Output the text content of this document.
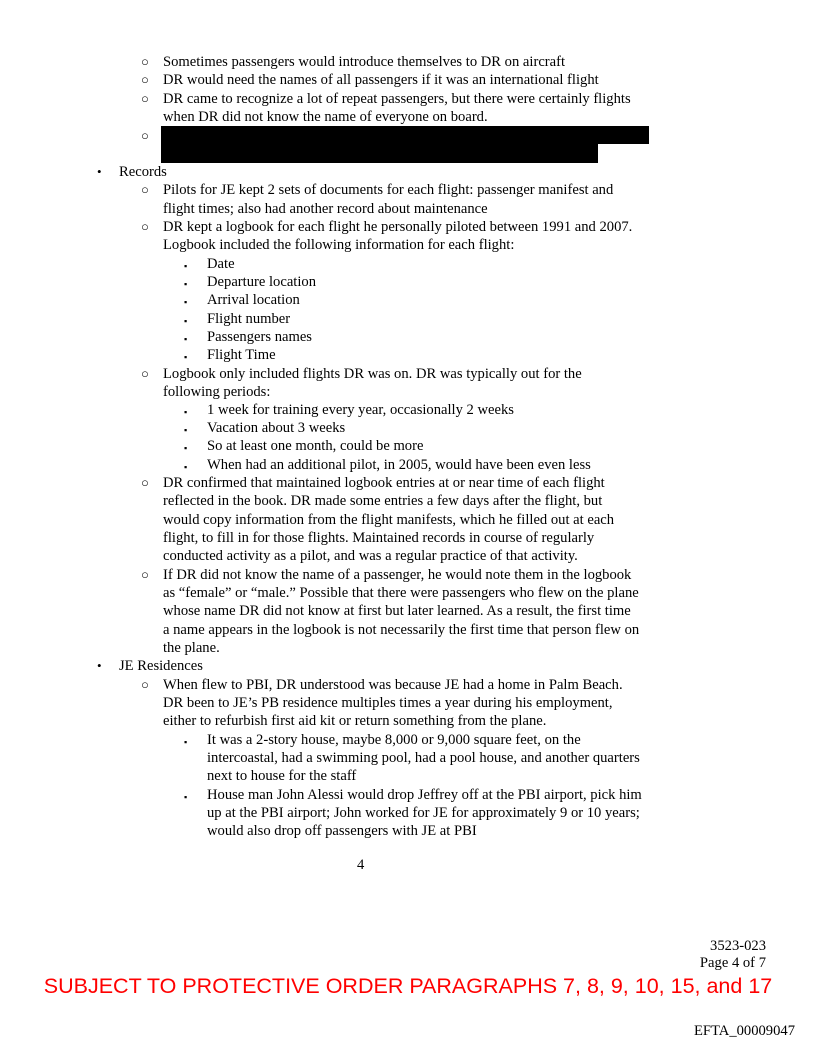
○ Sometimes passengers would introduce themselves to DR on aircraft
○ DR would need the names of all passengers if it was an international flight
○ DR came to recognize a lot of repeat passengers, but there were certainly flights
when DR did not know the name of everyone on board.
○
• Records
○ Pilots for JE kept 2 sets of documents for each flight: passenger manifest and
flight times; also had another record about maintenance
○ DR kept a logbook for each flight he personally piloted between 1991 and 2007.
Logbook included the following information for each flight:
▪ Date
▪ Departure location
▪ Arrival location
▪ Flight number
▪ Passengers names
▪ Flight Time
○ Logbook only included flights DR was on. DR was typically out for the
following periods:
▪ 1 week for training every year, occasionally 2 weeks
▪ Vacation about 3 weeks
▪ So at least one month, could be more
▪ When had an additional pilot, in 2005, would have been even less
○ DR confirmed that maintained logbook entries at or near time of each flight
reflected in the book. DR made some entries a few days after the flight, but
would copy information from the flight manifests, which he filled out at each
flight, to fill in for those flights. Maintained records in course of regularly
conducted activity as a pilot, and was a regular practice of that activity.
○ If DR did not know the name of a passenger, he would note them in the logbook
as “female” or “male.” Possible that there were passengers who flew on the plane
whose name DR did not know at first but later learned. As a result, the first time
a name appears in the logbook is not necessarily the first time that person flew on
the plane.
• JE Residences
○ When flew to PBI, DR understood was because JE had a home in Palm Beach.
DR been to JE’s PB residence multiples times a year during his employment,
either to refurbish first aid kit or return something from the plane.
▪ It was a 2-story house, maybe 8,000 or 9,000 square feet, on the
intercoastal, had a swimming pool, had a pool house, and another quarters
next to house for the staff
▪ House man John Alessi would drop Jeffrey off at the PBI airport, pick him
up at the PBI airport; John worked for JE for approximately 9 or 10 years;
would also drop off passengers with JE at PBI
4
3523-023
Page 4 of 7
SUBJECT TO PROTECTIVE ORDER PARAGRAPHS 7, 8, 9, 10, 15, and 17
EFTA_00009047
